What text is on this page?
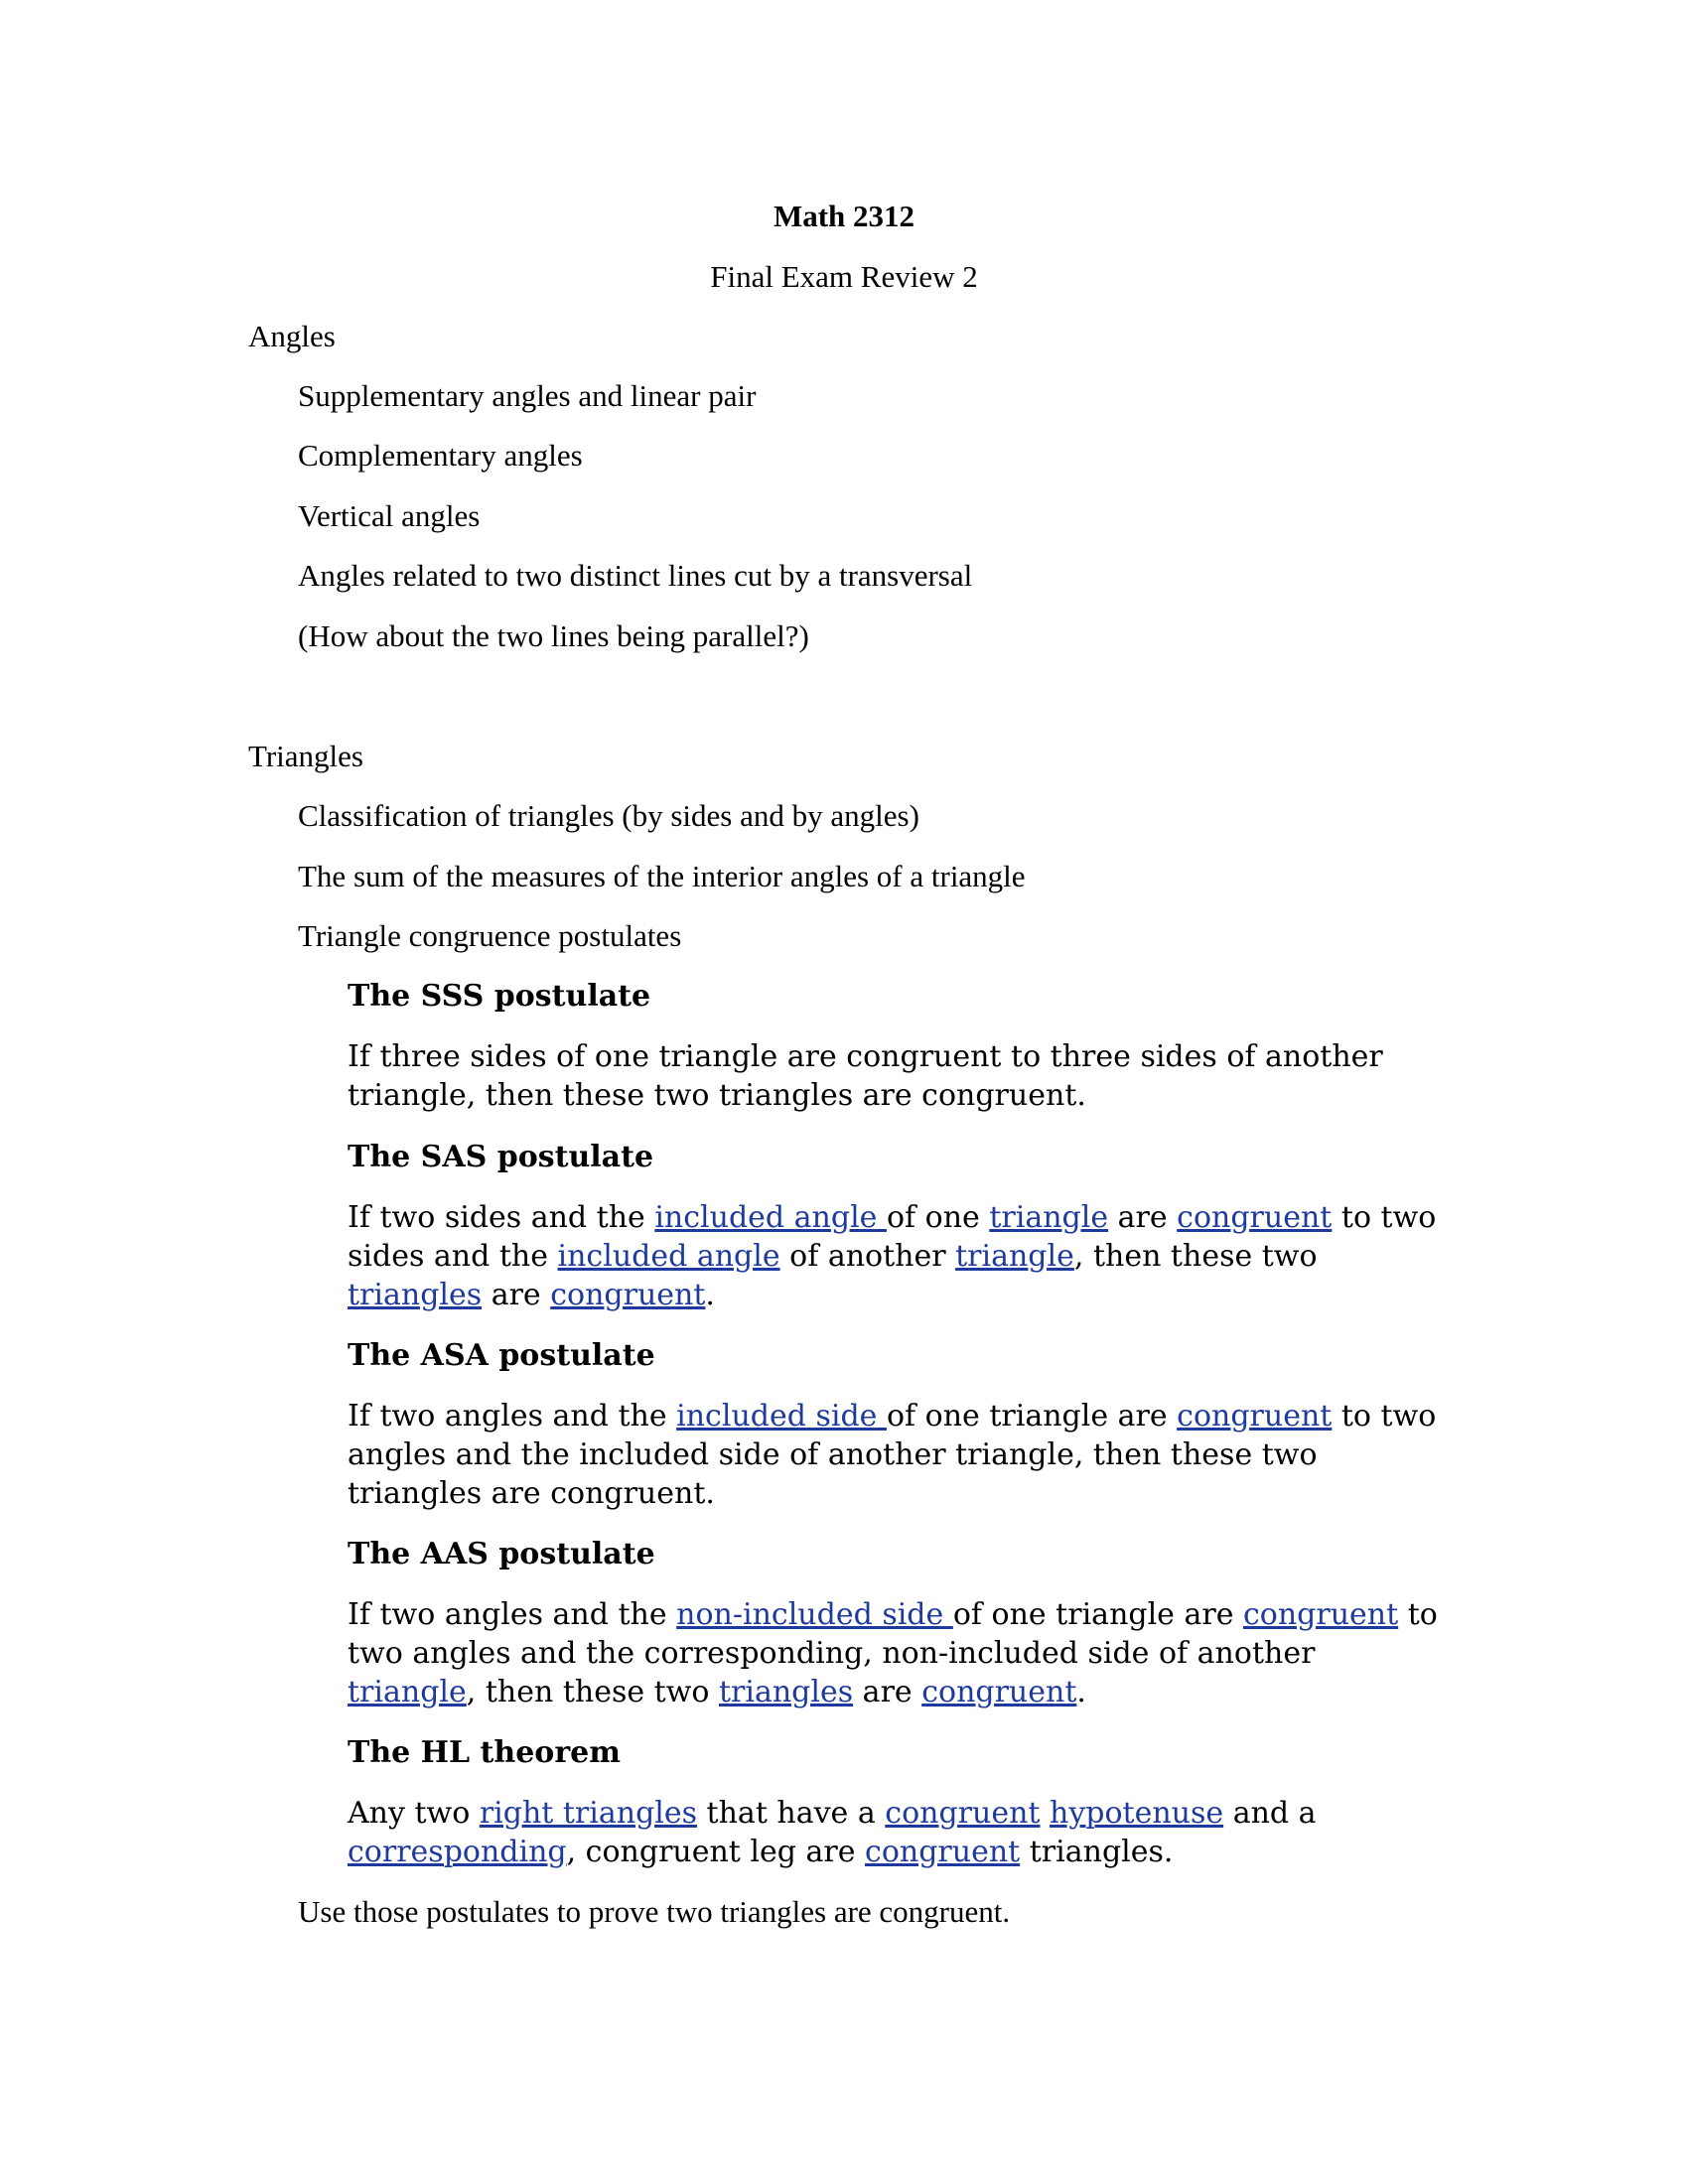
Math 2312
Final Exam Review 2
Angles
Supplementary angles and linear pair
Complementary angles
Vertical angles
Angles related to two distinct lines cut by a transversal
(How about the two lines being parallel?)
Triangles
Classification of triangles (by sides and by angles)
The sum of the measures of the interior angles of a triangle
Triangle congruence postulates

The SSS postulate

If three sides of one triangle are congruent to three sides of another triangle, then these two triangles are congruent.

The SAS postulate

If two sides and the included angle of one triangle are congruent to two sides and the included angle of another triangle, then these two triangles are congruent.

The ASA postulate

If two angles and the included side of one triangle are congruent to two angles and the included side of another triangle, then these two triangles are congruent.

The AAS postulate

If two angles and the non-included side of one triangle are congruent to two angles and the corresponding, non-included side of another triangle, then these two triangles are congruent.

The HL theorem

Any two right triangles that have a congruent hypotenuse and a corresponding, congruent leg are congruent triangles.

Use those postulates to prove two triangles are congruent.
